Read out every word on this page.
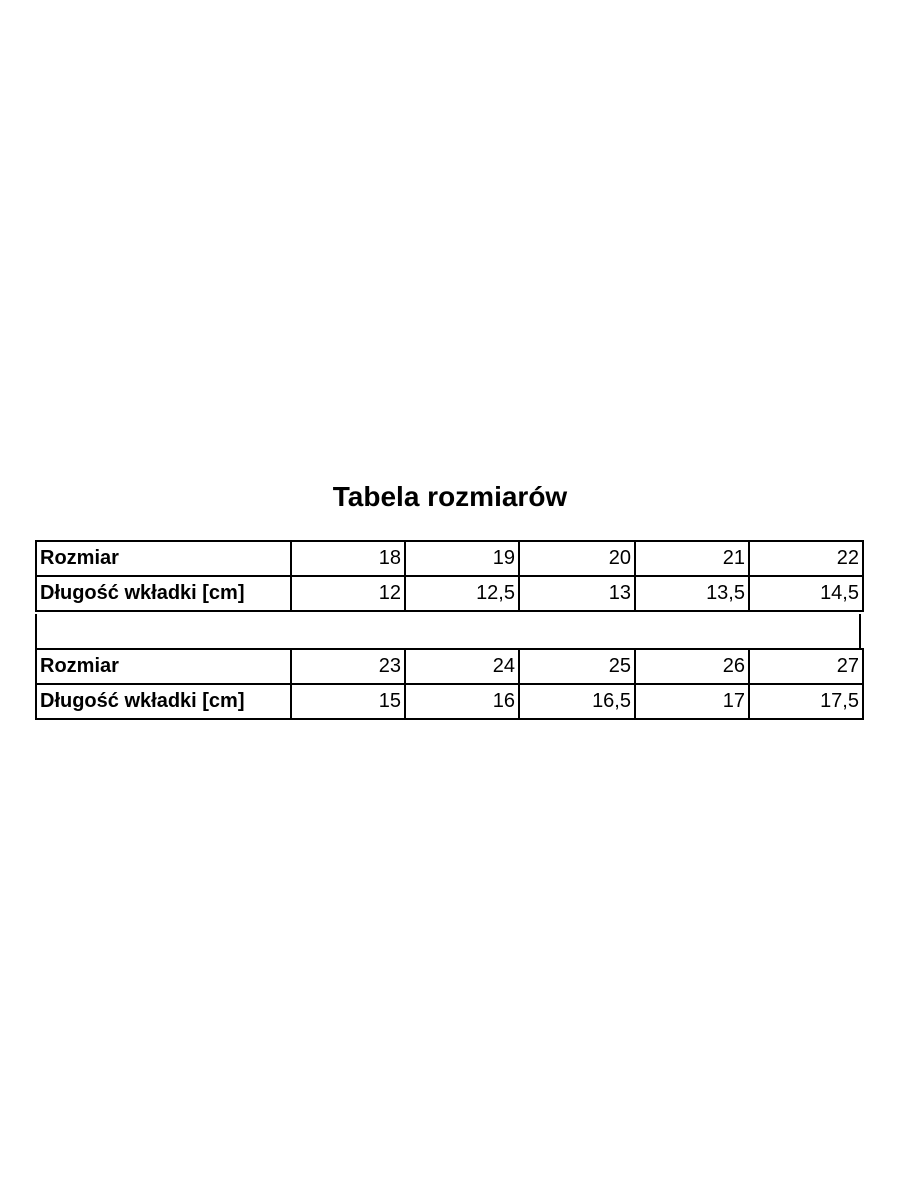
Tabela rozmiarów
Rozmiar	18	19	20	21	22
Długość wkładki [cm]	12	12,5	13	13,5	14,5
Rozmiar	23	24	25	26	27
Długość wkładki [cm]	15	16	16,5	17	17,5
